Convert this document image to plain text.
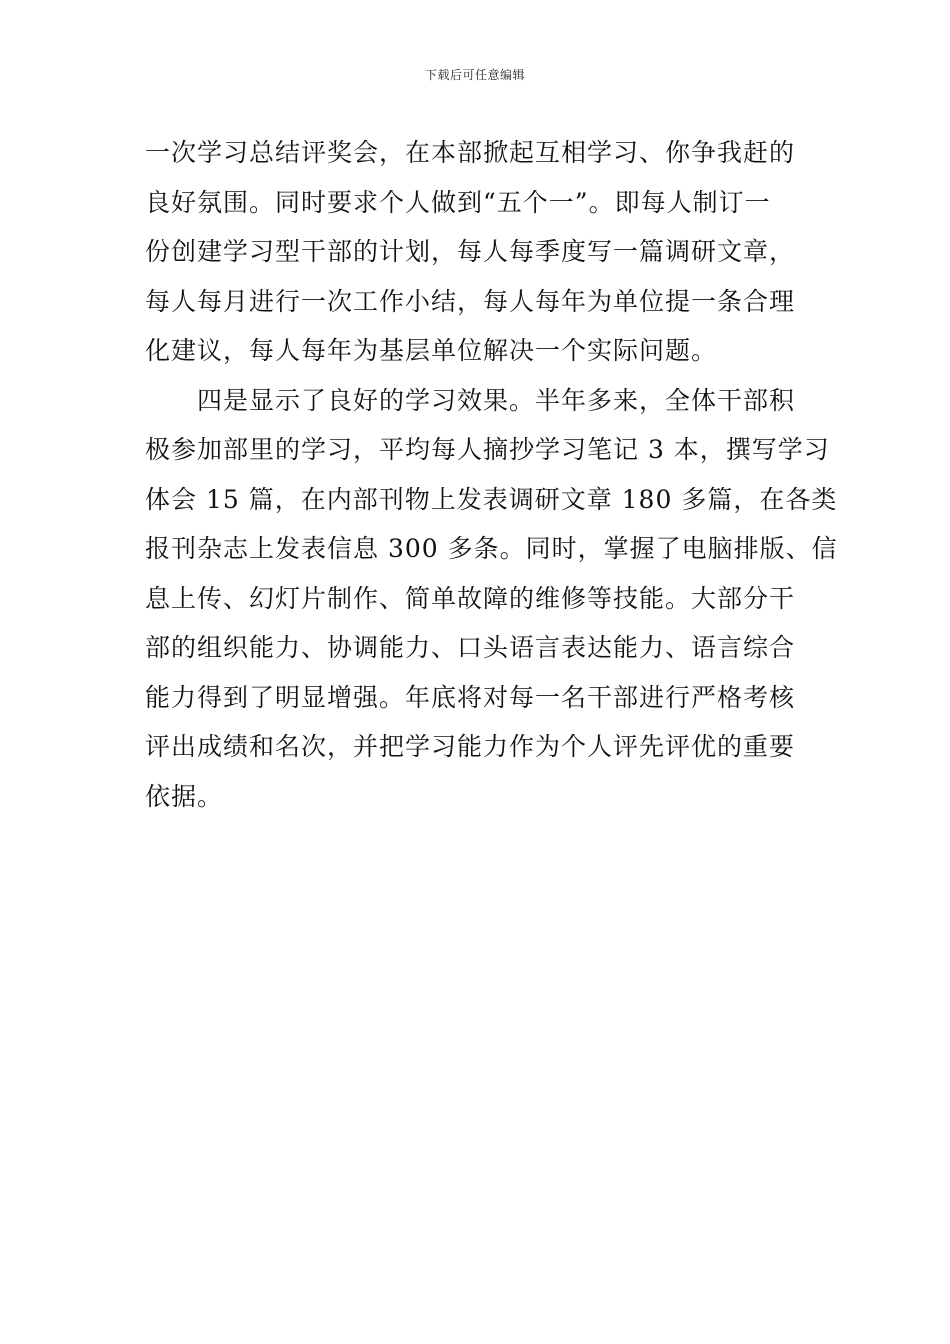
下载后可任意编辑
一次学习总结评奖会，在本部掀起互相学习、你争我赶的
良好氛围。同时要求个人做到“五个一”。即每人制订一
份创建学习型干部的计划，每人每季度写一篇调研文章，
每人每月进行一次工作小结，每人每年为单位提一条合理
化建议，每人每年为基层单位解决一个实际问题。
四是显示了良好的学习效果。半年多来，全体干部积
极参加部里的学习，平均每人摘抄学习笔记 3 本，撰写学习
体会 15 篇，在内部刊物上发表调研文章 180 多篇，在各类
报刊杂志上发表信息 300 多条。同时，掌握了电脑排版、信
息上传、幻灯片制作、简单故障的维修等技能。大部分干
部的组织能力、协调能力、口头语言表达能力、语言综合
能力得到了明显增强。年底将对每一名干部进行严格考核
评出成绩和名次，并把学习能力作为个人评先评优的重要
依据。
